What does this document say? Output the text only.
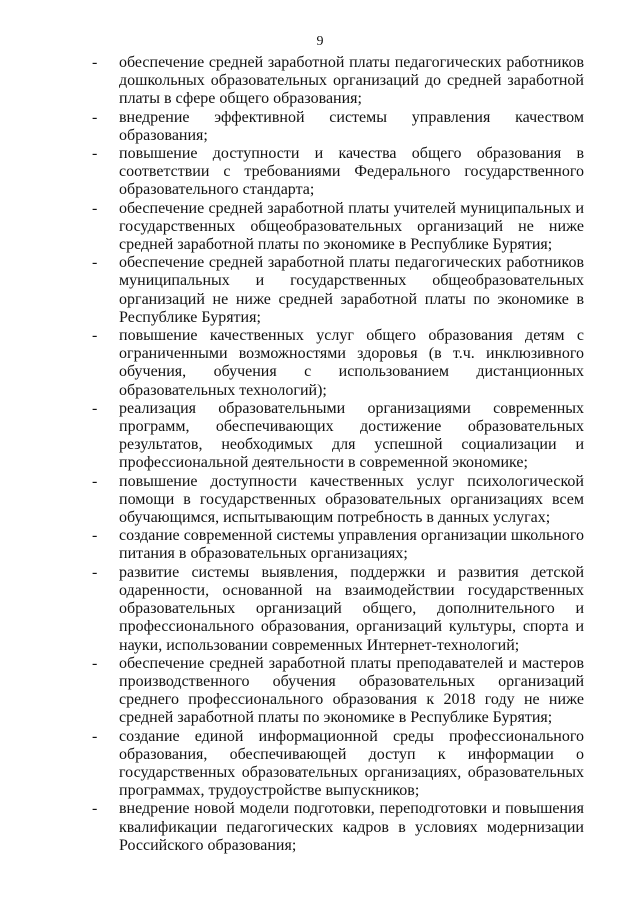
9
-	обеспечение средней заработной платы педагогических работников дошкольных образовательных организаций до средней заработной платы в сфере общего образования;
-	внедрение эффективной системы управления качеством образования;
-	повышение доступности и качества общего образования в соответствии с требованиями Федерального государственного образовательного стандарта;
-	обеспечение средней заработной платы учителей муниципальных и государственных общеобразовательных организаций не ниже средней заработной платы по экономике в Республике Бурятия;
-	обеспечение средней заработной платы педагогических работников муниципальных и государственных общеобразовательных организаций не ниже средней заработной платы по экономике в Республике Бурятия;
-	повышение качественных услуг общего образования детям с ограниченными возможностями здоровья (в т.ч. инклюзивного обучения, обучения с использованием дистанционных образовательных технологий);
-	реализация образовательными организациями современных программ, обеспечивающих достижение образовательных результатов, необходимых для успешной социализации и профессиональной деятельности в современной экономике;
-	повышение доступности качественных услуг психологической помощи в государственных образовательных организациях всем обучающимся, испытывающим потребность в данных услугах;
-	создание современной системы управления организации школьного питания в образовательных организациях;
-	развитие системы выявления, поддержки и развития детской одаренности, основанной на взаимодействии государственных образовательных организаций общего, дополнительного и профессионального образования, организаций культуры, спорта и науки, использовании современных Интернет-технологий;
-	обеспечение средней заработной платы преподавателей и мастеров производственного обучения образовательных организаций среднего профессионального образования к 2018 году не ниже средней заработной платы по экономике в Республике Бурятия;
-	создание единой информационной среды профессионального образования, обеспечивающей доступ к информации о государственных образовательных организациях, образовательных программах, трудоустройстве выпускников;
-	внедрение новой модели подготовки, переподготовки и повышения квалификации педагогических кадров в условиях модернизации Российского образования;
